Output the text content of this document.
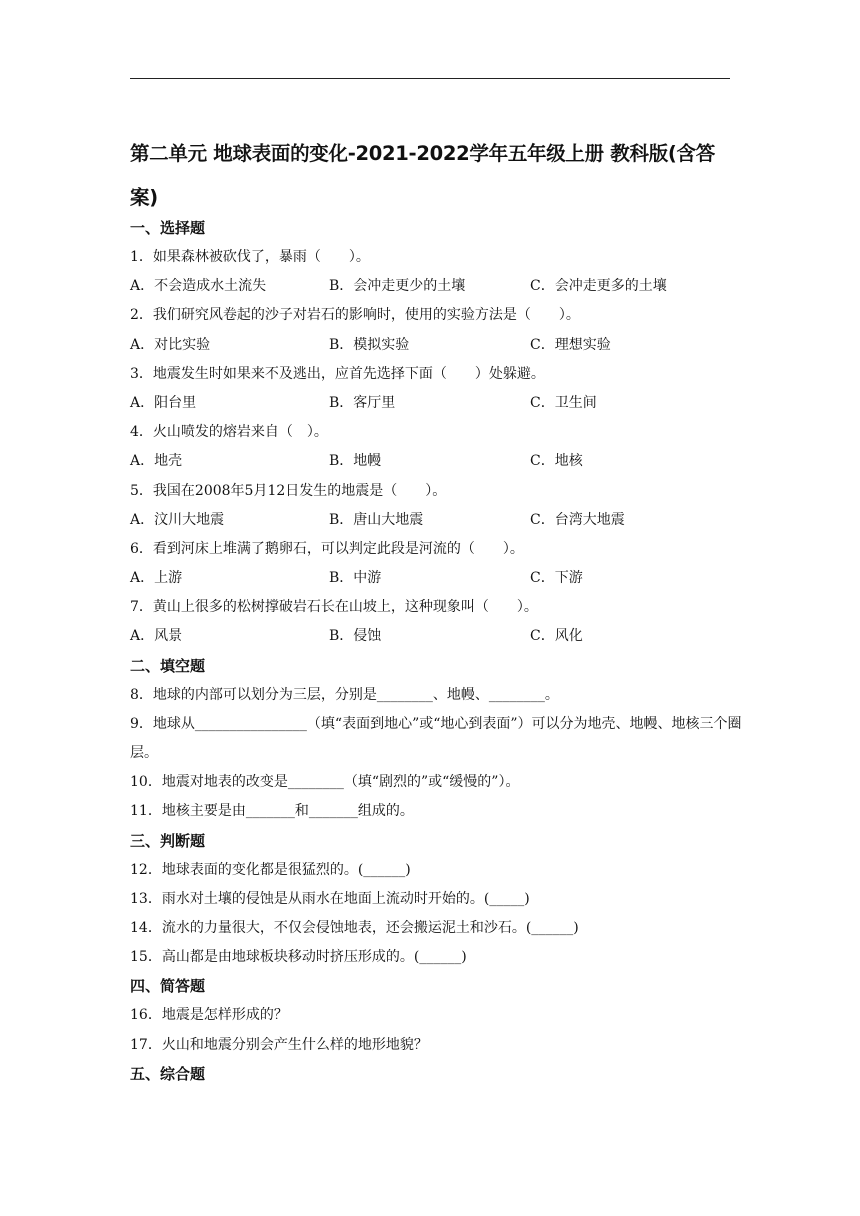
第二单元 地球表面的变化-2021-2022学年五年级上册 教科版(含答案)
一、选择题
1．如果森林被砍伐了，暴雨（　　）。
A．不会造成水土流失	B．会冲走更少的土壤	C．会冲走更多的土壤
2．我们研究风卷起的沙子对岩石的影响时，使用的实验方法是（　　）。
A．对比实验	B．模拟实验	C．理想实验
3．地震发生时如果来不及逃出，应首先选择下面（　　）处躲避。
A．阳台里	B．客厅里	C．卫生间
4．火山喷发的熔岩来自（　）。
A．地壳	B．地幔	C．地核
5．我国在2008年5月12日发生的地震是（　　）。
A．汶川大地震	B．唐山大地震	C．台湾大地震
6．看到河床上堆满了鹅卵石，可以判定此段是河流的（　　）。
A．上游	B．中游	C．下游
7．黄山上很多的松树撑破岩石长在山坡上，这种现象叫（　　）。
A．风景	B．侵蚀	C．风化
二、填空题
8．地球的内部可以划分为三层，分别是________、地幔、________。
9．地球从________________（填“表面到地心”或“地心到表面”）可以分为地壳、地幔、地核三个圈层。
10．地震对地表的改变是________（填“剧烈的”或“缓慢的”）。
11．地核主要是由_______和_______组成的。
三、判断题
12．地球表面的变化都是很猛烈的。(______)
13．雨水对土壤的侵蚀是从雨水在地面上流动时开始的。(_____)
14．流水的力量很大，不仅会侵蚀地表，还会搬运泥土和沙石。(______)
15．高山都是由地球板块移动时挤压形成的。(______)
四、简答题
16．地震是怎样形成的？
17．火山和地震分别会产生什么样的地形地貌？
五、综合题
